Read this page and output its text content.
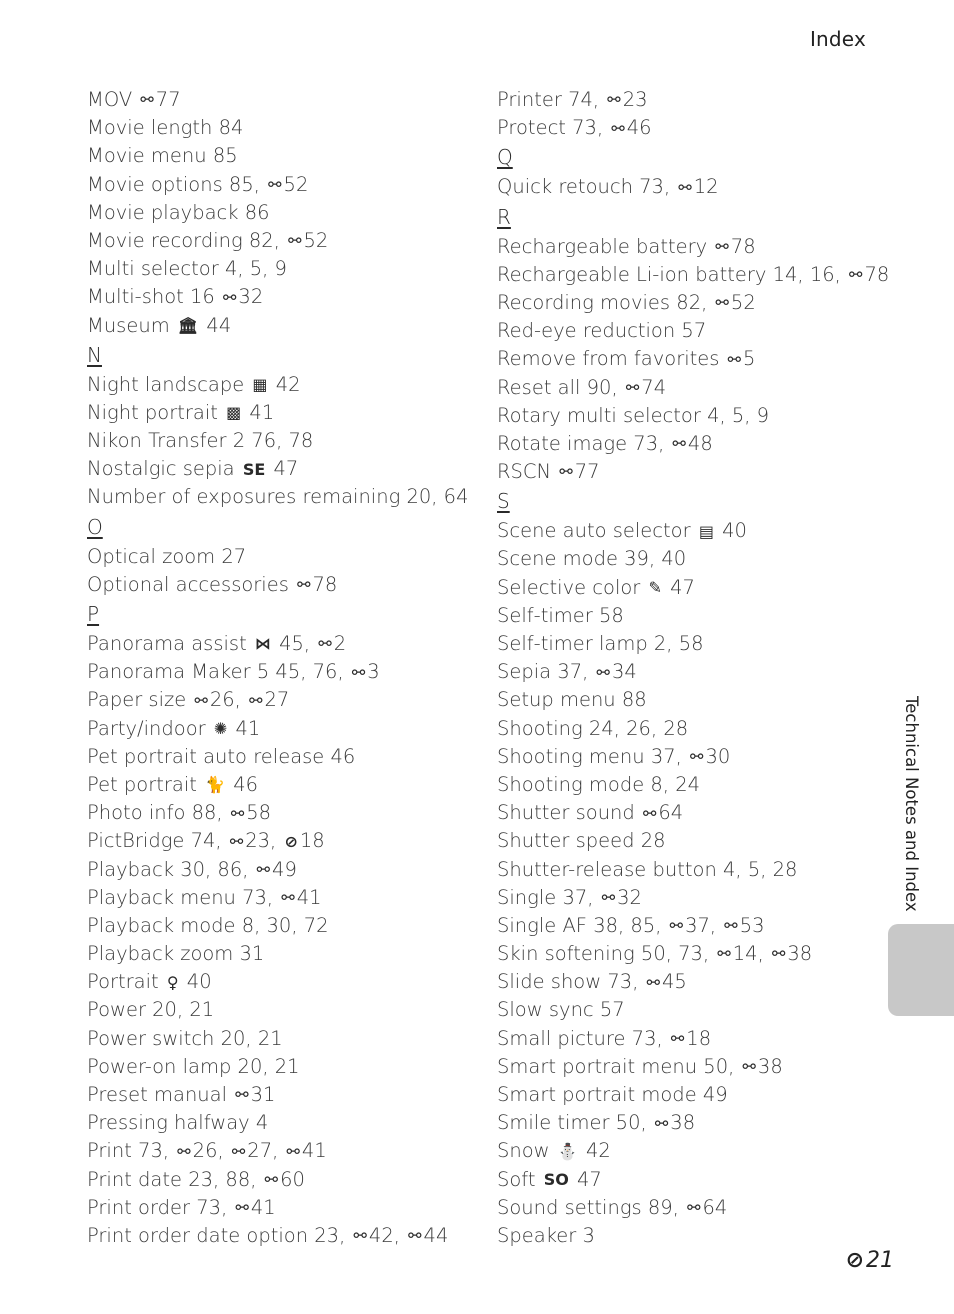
Index
MOV ⚯ 77
Movie length 84
Movie menu 85
Movie options 85, ⚯ 52
Movie playback 86
Movie recording 82, ⚯ 52
Multi selector 4, 5, 9
Multi-shot 16 ⚯ 32
Museum 🏛 44
N
Night landscape ▦ 42
Night portrait ▩ 41
Nikon Transfer 2 76, 78
Nostalgic sepia SE 47
Number of exposures remaining 20, 64
O
Optical zoom 27
Optional accessories ⚯ 78
P
Panorama assist ⋈ 45, ⚯ 2
Panorama Maker 5 45, 76, ⚯ 3
Paper size ⚯ 26, ⚯ 27
Party/indoor ✺ 41
Pet portrait auto release 46
Pet portrait 🐈 46
Photo info 88, ⚯ 58
PictBridge 74, ⚯ 23, ⊘ 18
Playback 30, 86, ⚯ 49
Playback menu 73, ⚯ 41
Playback mode 8, 30, 72
Playback zoom 31
Portrait ♀ 40
Power 20, 21
Power switch 20, 21
Power-on lamp 20, 21
Preset manual ⚯ 31
Pressing halfway 4
Print 73, ⚯ 26, ⚯ 27, ⚯ 41
Print date 23, 88, ⚯ 60
Print order 73, ⚯ 41
Print order date option 23, ⚯ 42, ⚯ 44
Printer 74, ⚯ 23
Protect 73, ⚯ 46
Q
Quick retouch 73, ⚯ 12
R
Rechargeable battery ⚯ 78
Rechargeable Li-ion battery 14, 16, ⚯ 78
Recording movies 82, ⚯ 52
Red-eye reduction 57
Remove from favorites ⚯ 5
Reset all 90, ⚯ 74
Rotary multi selector 4, 5, 9
Rotate image 73, ⚯ 48
RSCN ⚯ 77
S
Scene auto selector ▤ 40
Scene mode 39, 40
Selective color ✎ 47
Self-timer 58
Self-timer lamp 2, 58
Sepia 37, ⚯ 34
Setup menu 88
Shooting 24, 26, 28
Shooting menu 37, ⚯ 30
Shooting mode 8, 24
Shutter sound ⚯ 64
Shutter speed 28
Shutter-release button 4, 5, 28
Single 37, ⚯ 32
Single AF 38, 85, ⚯ 37, ⚯ 53
Skin softening 50, 73, ⚯ 14, ⚯ 38
Slide show 73, ⚯ 45
Slow sync 57
Small picture 73, ⚯ 18
Smart portrait menu 50, ⚯ 38
Smart portrait mode 49
Smile timer 50, ⚯ 38
Snow ⛄ 42
Soft SO 47
Sound settings 89, ⚯ 64
Speaker 3
Technical Notes and Index
⊘21
